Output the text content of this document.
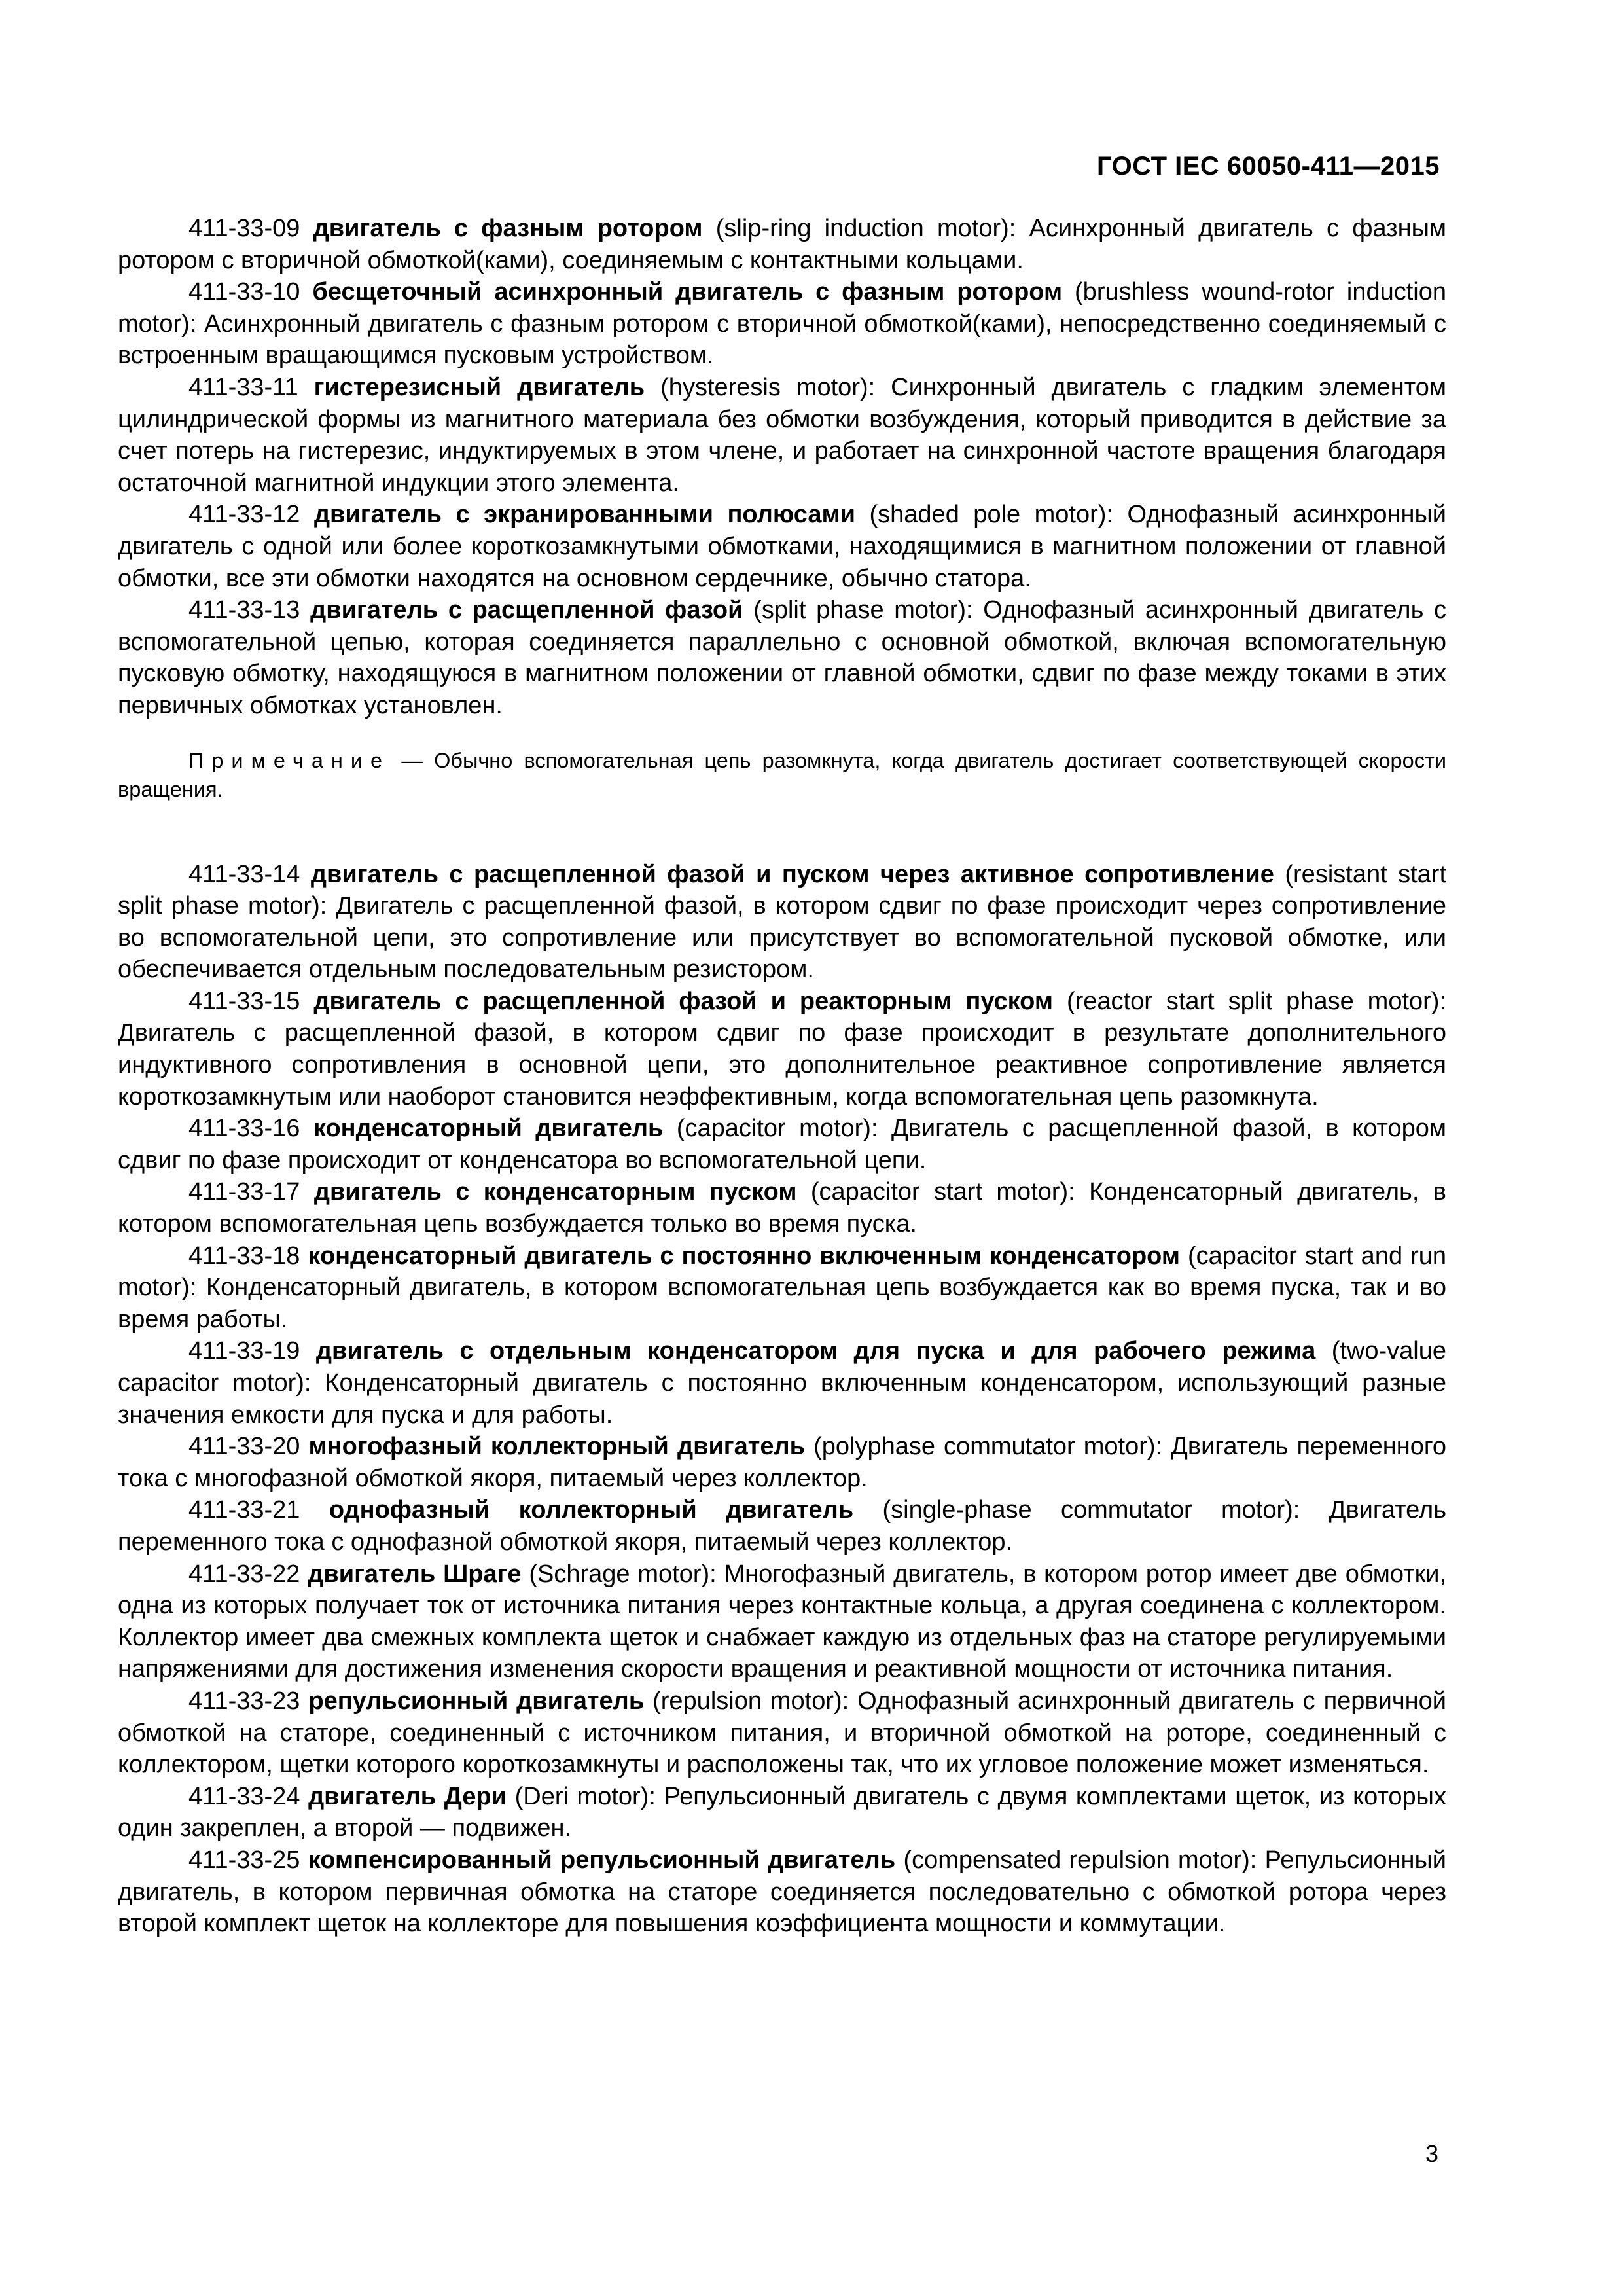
ГОСТ IEC 60050-411—2015

411-33-09 двигатель с фазным ротором (slip-ring induction motor): Асинхронный двигатель с фазным ротором с вторичной обмоткой(ками), соединяемым с контактными кольцами.

411-33-10 бесщеточный асинхронный двигатель с фазным ротором (brushless wound-rotor induction motor): Асинхронный двигатель с фазным ротором с вторичной обмоткой(ками), непосредственно соединяемый с встроенным вращающимся пусковым устройством.

411-33-11 гистерезисный двигатель (hysteresis motor): Синхронный двигатель с гладким элементом цилиндрической формы из магнитного материала без обмотки возбуждения, который приводится в действие за счет потерь на гистерезис, индуктируемых в этом члене, и работает на синхронной частоте вращения благодаря остаточной магнитной индукции этого элемента.

411-33-12 двигатель с экранированными полюсами (shaded pole motor): Однофазный асинхронный двигатель с одной или более короткозамкнутыми обмотками, находящимися в магнитном положении от главной обмотки, все эти обмотки находятся на основном сердечнике, обычно статора.

411-33-13 двигатель с расщепленной фазой (split phase motor): Однофазный асинхронный двигатель с вспомогательной цепью, которая соединяется параллельно с основной обмоткой, включая вспомогательную пусковую обмотку, находящуюся в магнитном положении от главной обмотки, сдвиг по фазе между токами в этих первичных обмотках установлен.

Примечание — Обычно вспомогательная цепь разомкнута, когда двигатель достигает соответствующей скорости вращения.

411-33-14 двигатель с расщепленной фазой и пуском через активное сопротивление (resistant start split phase motor): Двигатель с расщепленной фазой, в котором сдвиг по фазе происходит через сопротивление во вспомогательной цепи, это сопротивление или присутствует во вспомогательной пусковой обмотке, или обеспечивается отдельным последовательным резистором.

411-33-15 двигатель с расщепленной фазой и реакторным пуском (reactor start split phase motor): Двигатель с расщепленной фазой, в котором сдвиг по фазе происходит в результате дополнительного индуктивного сопротивления в основной цепи, это дополнительное реактивное сопротивление является короткозамкнутым или наоборот становится неэффективным, когда вспомогательная цепь разомкнута.

411-33-16 конденсаторный двигатель (capacitor motor): Двигатель с расщепленной фазой, в котором сдвиг по фазе происходит от конденсатора во вспомогательной цепи.

411-33-17 двигатель с конденсаторным пуском (capacitor start motor): Конденсаторный двигатель, в котором вспомогательная цепь возбуждается только во время пуска.

411-33-18 конденсаторный двигатель с постоянно включенным конденсатором (capacitor start and run motor): Конденсаторный двигатель, в котором вспомогательная цепь возбуждается как во время пуска, так и во время работы.

411-33-19 двигатель с отдельным конденсатором для пуска и для рабочего режима (two-value capacitor motor): Конденсаторный двигатель с постоянно включенным конденсатором, использующий разные значения емкости для пуска и для работы.

411-33-20 многофазный коллекторный двигатель (polyphase commutator motor): Двигатель переменного тока с многофазной обмоткой якоря, питаемый через коллектор.

411-33-21 однофазный коллекторный двигатель (single-phase commutator motor): Двигатель переменного тока с однофазной обмоткой якоря, питаемый через коллектор.

411-33-22 двигатель Шраге (Schrage motor): Многофазный двигатель, в котором ротор имеет две обмотки, одна из которых получает ток от источника питания через контактные кольца, а другая соединена с коллектором. Коллектор имеет два смежных комплекта щеток и снабжает каждую из отдельных фаз на статоре регулируемыми напряжениями для достижения изменения скорости вращения и реактивной мощности от источника питания.

411-33-23 репульсионный двигатель (repulsion motor): Однофазный асинхронный двигатель с первичной обмоткой на статоре, соединенный с источником питания, и вторичной обмоткой на роторе, соединенный с коллектором, щетки которого короткозамкнуты и расположены так, что их угловое положение может изменяться.

411-33-24 двигатель Дери (Deri motor): Репульсионный двигатель с двумя комплектами щеток, из которых один закреплен, а второй — подвижен.

411-33-25 компенсированный репульсионный двигатель (compensated repulsion motor): Репульсионный двигатель, в котором первичная обмотка на статоре соединяется последовательно с обмоткой ротора через второй комплект щеток на коллекторе для повышения коэффициента мощности и коммутации.

3
